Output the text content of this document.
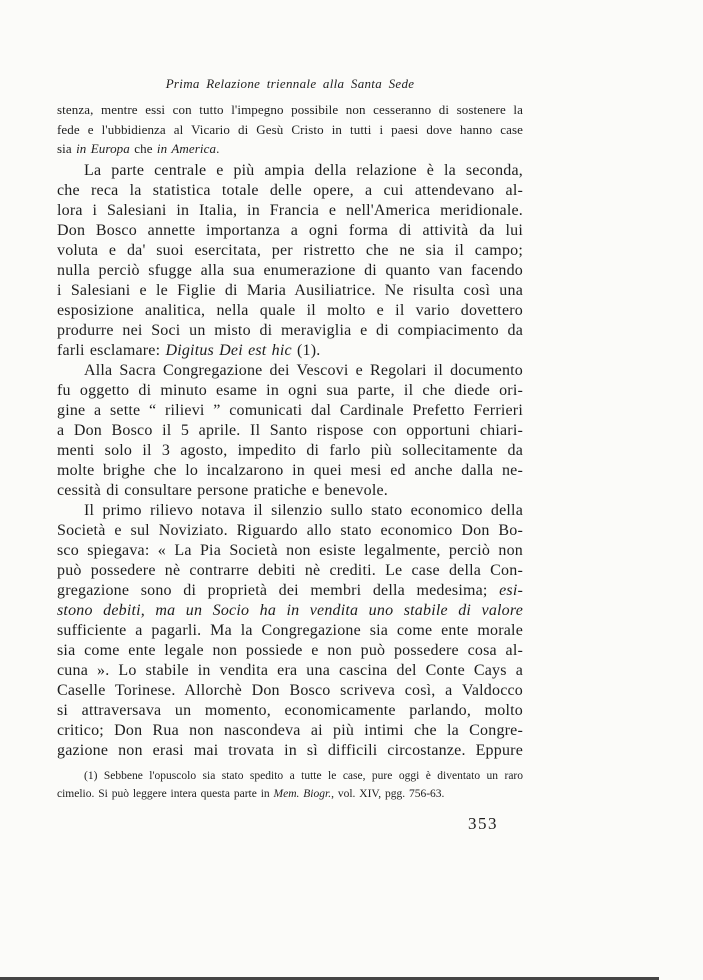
Prima Relazione triennale alla Santa Sede
stenza, mentre essi con tutto l'impegno possibile non cesseranno di sostenere la
fede e l'ubbidienza al Vicario di Gesù Cristo in tutti i paesi dove hanno case
sia in Europa che in America.
La parte centrale e più ampia della relazione è la seconda,
che reca la statistica totale delle opere, a cui attendevano al-
lora i Salesiani in Italia, in Francia e nell'America meridionale.
Don Bosco annette importanza a ogni forma di attività da lui
voluta e da' suoi esercitata, per ristretto che ne sia il campo;
nulla perciò sfugge alla sua enumerazione di quanto van facendo
i Salesiani e le Figlie di Maria Ausiliatrice. Ne risulta così una
esposizione analitica, nella quale il molto e il vario dovettero
produrre nei Soci un misto di meraviglia e di compiacimento da
farli esclamare: Digitus Dei est hic (1).
Alla Sacra Congregazione dei Vescovi e Regolari il documento
fu oggetto di minuto esame in ogni sua parte, il che diede ori-
gine a sette “ rilievi ” comunicati dal Cardinale Prefetto Ferrieri
a Don Bosco il 5 aprile. Il Santo rispose con opportuni chiari-
menti solo il 3 agosto, impedito di farlo più sollecitamente da
molte brighe che lo incalzarono in quei mesi ed anche dalla ne-
cessità di consultare persone pratiche e benevole.
Il primo rilievo notava il silenzio sullo stato economico della
Società e sul Noviziato. Riguardo allo stato economico Don Bo-
sco spiegava: « La Pia Società non esiste legalmente, perciò non
può possedere nè contrarre debiti nè crediti. Le case della Con-
gregazione sono di proprietà dei membri della medesima; esi-
stono debiti, ma un Socio ha in vendita uno stabile di valore
sufficiente a pagarli. Ma la Congregazione sia come ente morale
sia come ente legale non possiede e non può possedere cosa al-
cuna ». Lo stabile in vendita era una cascina del Conte Cays a
Caselle Torinese. Allorchè Don Bosco scriveva così, a Valdocco
si attraversava un momento, economicamente parlando, molto
critico; Don Rua non nascondeva ai più intimi che la Congre-
gazione non erasi mai trovata in sì difficili circostanze. Eppure
(1) Sebbene l'opuscolo sia stato spedito a tutte le case, pure oggi è diventato un raro
cimelio. Si può leggere intera questa parte in Mem. Biogr., vol. XIV, pgg. 756-63.
353
